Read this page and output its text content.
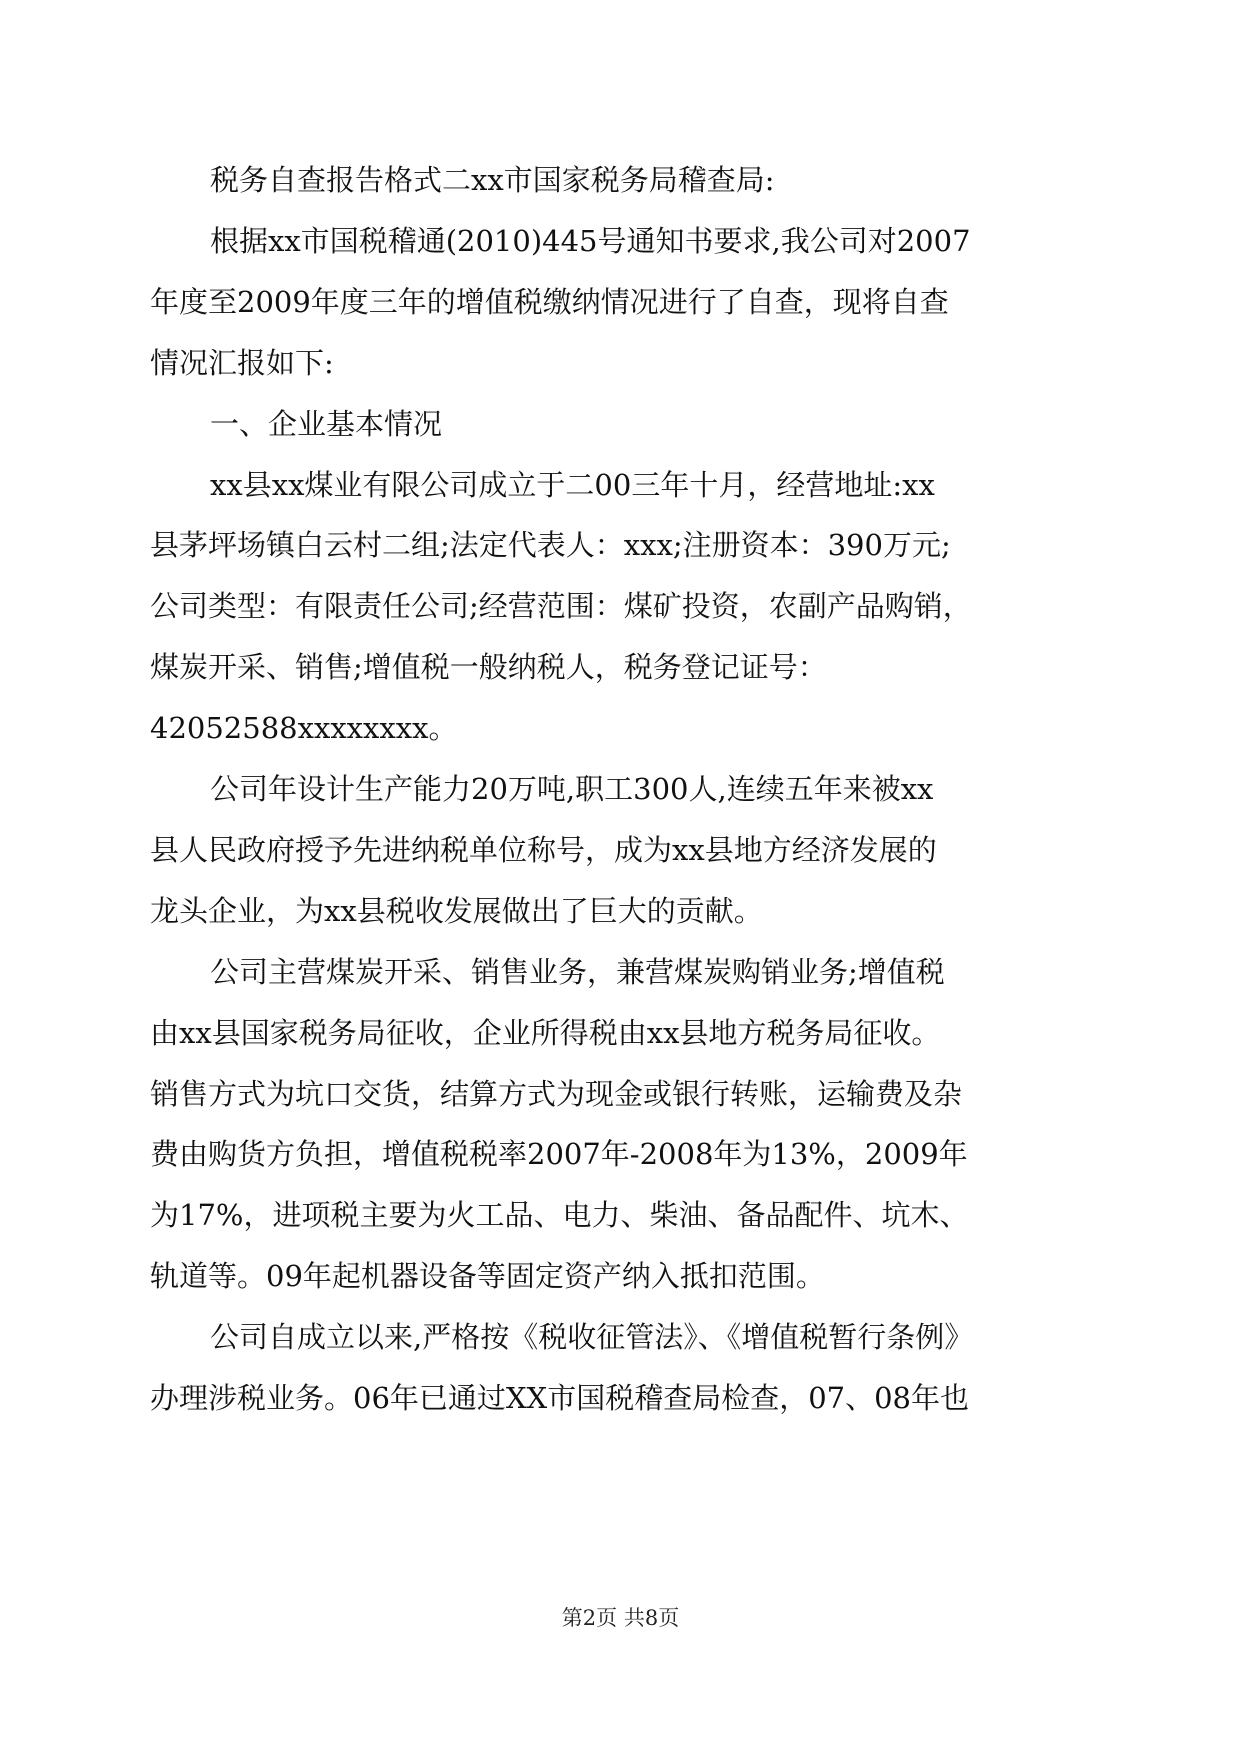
第2页 共8页
税务自查报告格式二xx市国家税务局稽查局:
根据xx市国税稽通(2010)445号通知书要求,我公司对2007
年度至2009年度三年的增值税缴纳情况进行了自查，现将自查
情况汇报如下:
一、企业基本情况
xx县xx煤业有限公司成立于二00三年十月，经营地址:xx
县茅坪场镇白云村二组;法定代表人：xxx;注册资本：390万元;
公司类型：有限责任公司;经营范围：煤矿投资，农副产品购销，
煤炭开采、销售;增值税一般纳税人，税务登记证号：
42052588xxxxxxxx。
公司年设计生产能力20万吨,职工300人,连续五年来被xx
县人民政府授予先进纳税单位称号，成为xx县地方经济发展的
龙头企业，为xx县税收发展做出了巨大的贡献。
公司主营煤炭开采、销售业务，兼营煤炭购销业务;增值税
由xx县国家税务局征收，企业所得税由xx县地方税务局征收。
销售方式为坑口交货，结算方式为现金或银行转账，运输费及杂
费由购货方负担，增值税税率2007年-2008年为13%，2009年
为17%，进项税主要为火工品、电力、柴油、备品配件、坑木、
轨道等。09年起机器设备等固定资产纳入抵扣范围。
公司自成立以来,严格按《税收征管法》、《增值税暂行条例》
办理涉税业务。06年已通过XX市国税稽查局检查，07、08年也
